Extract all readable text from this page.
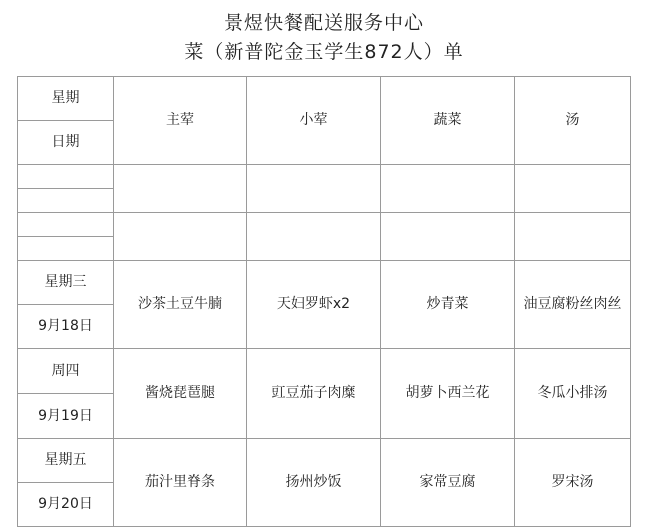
景煜快餐配送服务中心
菜（新普陀金玉学生872人）单
星期	主荤	小荤	蔬菜	汤
日期				

星期三	沙茶土豆牛腩	天妇罗虾x2	炒青菜	油豆腐粉丝肉丝
9月18日				
周四	酱烧琵琶腿	豇豆茄子肉糜	胡萝卜西兰花	冬瓜小排汤
9月19日				
星期五	茄汁里脊条	扬州炒饭	家常豆腐	罗宋汤
9月20日				
